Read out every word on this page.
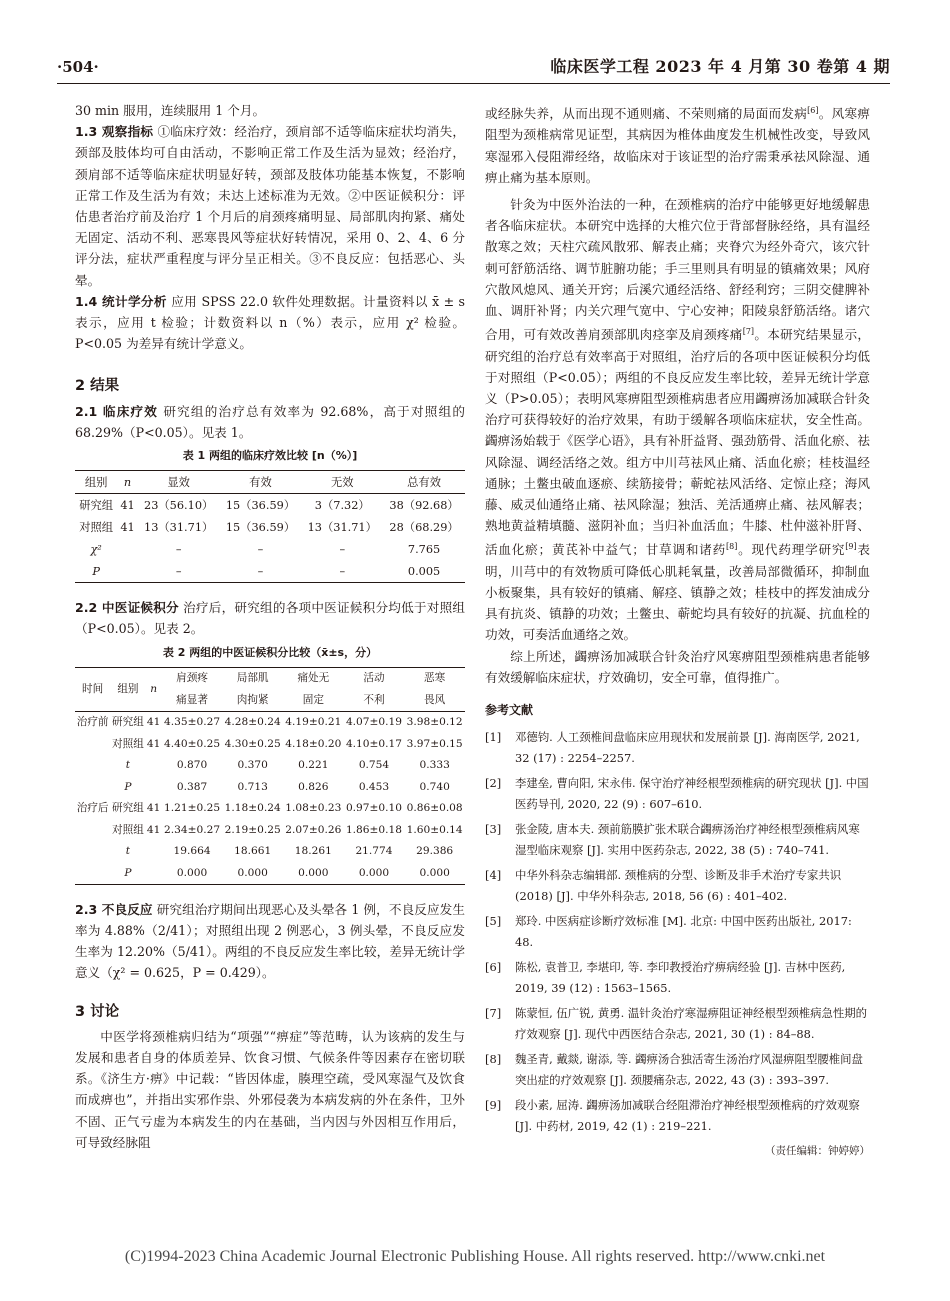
·504·	临床医学工程 2023 年 4 月第 30 卷第 4 期

30 min 服用，连续服用 1 个月。

1.3 观察指标 ①临床疗效：经治疗，颈肩部不适等临床症状均消失，颈部及肢体均可自由活动，不影响正常工作及生活为显效；经治疗，颈肩部不适等临床症状明显好转，颈部及肢体功能基本恢复，不影响正常工作及生活为有效；未达上述标准为无效。②中医证候积分：评估患者治疗前及治疗 1 个月后的肩颈疼痛明显、局部肌肉拘紧、痛处无固定、活动不利、恶寒畏风等症状好转情况，采用 0、2、4、6 分评分法，症状严重程度与评分呈正相关。③不良反应：包括恶心、头晕。

1.4 统计学分析 应用 SPSS 22.0 软件处理数据。计量资料以 x̄ ± s 表示，应用 t 检验；计数资料以 n（%）表示，应用 χ² 检验。P<0.05 为差异有统计学意义。

2 结果

2.1 临床疗效 研究组的治疗总有效率为 92.68%，高于对照组的 68.29%（P<0.05）。见表 1。

表 1 两组的临床疗效比较 [n（%）]
组别	n	显效	有效	无效	总有效
研究组	41	23（56.10）	15（36.59）	3（7.32）	38（92.68）
对照组	41	13（31.71）	15（36.59）	13（31.71）	28（68.29）
χ²		–	–	–	7.765
P		–	–	–	0.005

2.2 中医证候积分 治疗后，研究组的各项中医证候积分均低于对照组（P<0.05）。见表 2。

表 2 两组的中医证候积分比较（x̄±s，分）
时间	组别	n	肩颈疼	局部肌	痛处无	活动	恶寒
			痛显著	肉拘紧	固定	不利	畏风
治疗前	研究组	41	4.35±0.27	4.28±0.24	4.19±0.21	4.07±0.19	3.98±0.12
	对照组	41	4.40±0.25	4.30±0.25	4.18±0.20	4.10±0.17	3.97±0.15
	t		0.870	0.370	0.221	0.754	0.333
	P		0.387	0.713	0.826	0.453	0.740
治疗后	研究组	41	1.21±0.25	1.18±0.24	1.08±0.23	0.97±0.10	0.86±0.08
	对照组	41	2.34±0.27	2.19±0.25	2.07±0.26	1.86±0.18	1.60±0.14
	t		19.664	18.661	18.261	21.774	29.386
	P		0.000	0.000	0.000	0.000	0.000

2.3 不良反应 研究组治疗期间出现恶心及头晕各 1 例，不良反应发生率为 4.88%（2/41）；对照组出现 2 例恶心，3 例头晕，不良反应发生率为 12.20%（5/41）。两组的不良反应发生率比较，差异无统计学意义（χ² = 0.625，P = 0.429）。

3 讨论

中医学将颈椎病归结为“项强”“痹症”等范畴，认为该病的发生与发展和患者自身的体质差异、饮食习惯、气候条件等因素存在密切联系。《济生方·痹》中记载：“皆因体虚，腠理空疏，受风寒湿气及饮食而成痹也”，并指出实邪作祟、外邪侵袭为本病发病的外在条件，卫外不固、正气亏虚为本病发生的内在基础，当内因与外因相互作用后，可导致经脉阻

或经脉失养，从而出现不通则痛、不荣则痛的局面而发病[6]。风寒痹阻型为颈椎病常见证型，其病因为椎体曲度发生机械性改变，导致风寒湿邪入侵阻滞经络，故临床对于该证型的治疗需秉承祛风除湿、通痹止痛为基本原则。

针灸为中医外治法的一种，在颈椎病的治疗中能够更好地缓解患者各临床症状。本研究中选择的大椎穴位于背部督脉经络，具有温经散寒之效；天柱穴疏风散邪、解表止痛；夹脊穴为经外奇穴，该穴针刺可舒筋活络、调节脏腑功能；手三里则具有明显的镇痛效果；风府穴散风熄风、通关开窍；后溪穴通经活络、舒经利窍；三阴交健脾补血、调肝补肾；内关穴理气宽中、宁心安神；阳陵泉舒筋活络。诸穴合用，可有效改善肩颈部肌肉痉挛及肩颈疼痛[7]。本研究结果显示，研究组的治疗总有效率高于对照组，治疗后的各项中医证候积分均低于对照组（P<0.05）；两组的不良反应发生率比较，差异无统计学意义（P>0.05）；表明风寒痹阻型颈椎病患者应用蠲痹汤加减联合针灸治疗可获得较好的治疗效果，有助于缓解各项临床症状，安全性高。蠲痹汤始载于《医学心语》，具有补肝益肾、强劲筋骨、活血化瘀、祛风除湿、调经活络之效。组方中川芎祛风止痛、活血化瘀；桂枝温经通脉；土鳖虫破血逐瘀、续筋接骨；蕲蛇祛风活络、定惊止痉；海风藤、威灵仙通络止痛、祛风除湿；独活、羌活通痹止痛、祛风解表；熟地黄益精填髓、滋阴补血；当归补血活血；牛膝、杜仲滋补肝肾、活血化瘀；黄芪补中益气；甘草调和诸药[8]。现代药理学研究[9]表明，川芎中的有效物质可降低心肌耗氧量，改善局部微循环，抑制血小板聚集，具有较好的镇痛、解痉、镇静之效；桂枝中的挥发油成分具有抗炎、镇静的功效；土鳖虫、蕲蛇均具有较好的抗凝、抗血栓的功效，可奏活血通络之效。

综上所述，蠲痹汤加减联合针灸治疗风寒痹阻型颈椎病患者能够有效缓解临床症状，疗效确切，安全可靠，值得推广。

参考文献
[1]	邓德钧. 人工颈椎间盘临床应用现状和发展前景 [J]. 海南医学, 2021, 32 (17) : 2254–2257.
[2]	李建垒, 曹向阳, 宋永伟. 保守治疗神经根型颈椎病的研究现状 [J]. 中国医药导刊, 2020, 22 (9) : 607–610.
[3]	张金陵, 唐本夫. 颈前筋膜扩张术联合蠲痹汤治疗神经根型颈椎病风寒湿型临床观察 [J]. 实用中医药杂志, 2022, 38 (5) : 740–741.
[4]	中华外科杂志编辑部. 颈椎病的分型、诊断及非手术治疗专家共识 (2018) [J]. 中华外科杂志, 2018, 56 (6) : 401–402.
[5]	郑玲. 中医病症诊断疗效标准 [M]. 北京: 中国中医药出版社, 2017: 48.
[6]	陈松, 袁普卫, 李堪印, 等. 李印教授治疗痹病经验 [J]. 吉林中医药, 2019, 39 (12) : 1563–1565.
[7]	陈蒙恒, 伍广锐, 黄勇. 温针灸治疗寒湿痹阻证神经根型颈椎病急性期的疗效观察 [J]. 现代中西医结合杂志, 2021, 30 (1) : 84–88.
[8]	魏圣青, 戴燚, 谢添, 等. 蠲痹汤合独活寄生汤治疗风湿痹阻型腰椎间盘突出症的疗效观察 [J]. 颈腰痛杂志, 2022, 43 (3) : 393–397.
[9]	段小素, 屈涛. 蠲痹汤加减联合经阻滞治疗神经根型颈椎病的疗效观察 [J]. 中药材, 2019, 42 (1) : 219–221.
（责任编辑：钟婷婷）
(C)1994-2023 China Academic Journal Electronic Publishing House. All rights reserved. http://www.cnki.net
